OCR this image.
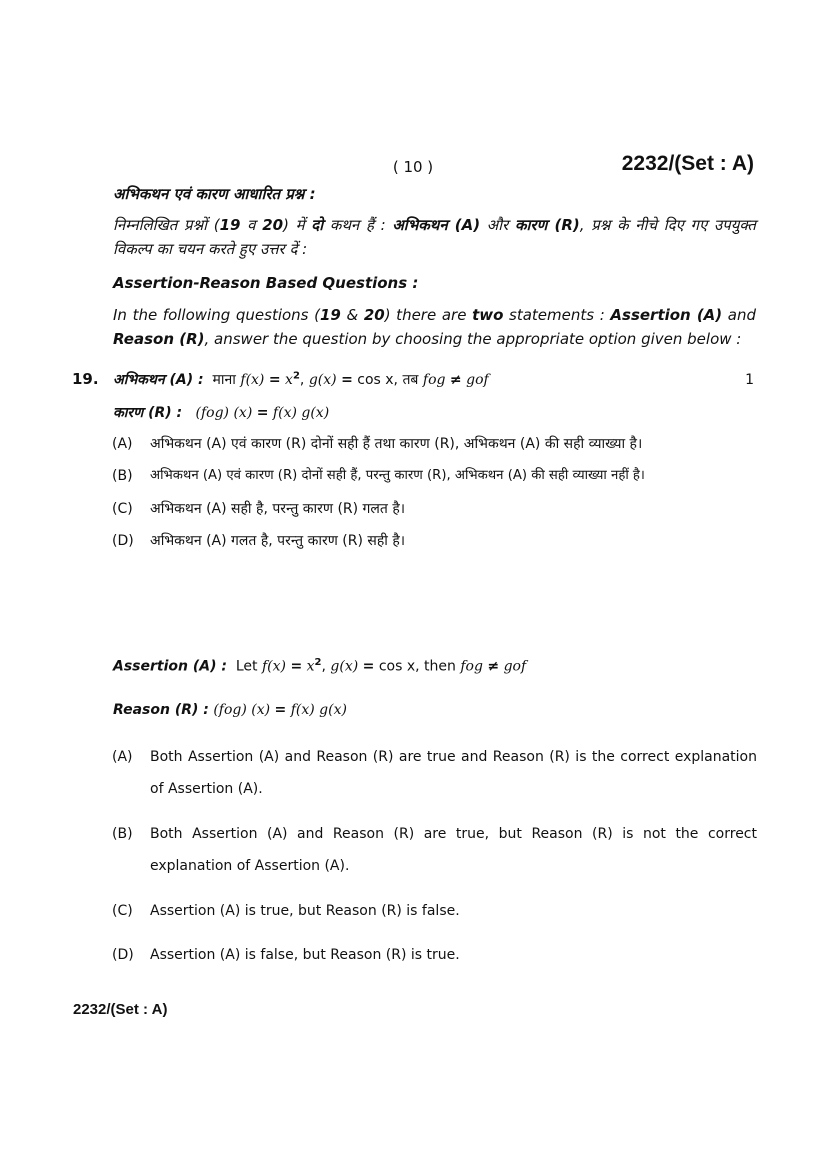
( 10 )	2232/(Set : A)
अभिकथन एवं कारण आधारित प्रश्न :
निम्नलिखित प्रश्नों (19 व 20) में दो कथन हैं : अभिकथन (A) और कारण (R), प्रश्न के नीचे दिए गए उपयुक्त विकल्प का चयन करते हुए उत्तर दें :
Assertion-Reason Based Questions :
In the following questions (19 & 20) there are two statements : Assertion (A) and Reason (R), answer the question by choosing the appropriate option given below :
19. अभिकथन (A) : माना $f(x) = x^2$, g(x) = cos x, तब fog ≠ gof	1
कारण (R) : (fog) (x) = f(x) g(x)
(A) अभिकथन (A) एवं कारण (R) दोनों सही हैं तथा कारण (R), अभिकथन (A) की सही व्याख्या है।
(B) अभिकथन (A) एवं कारण (R) दोनों सही हैं, परन्तु कारण (R), अभिकथन (A) की सही व्याख्या नहीं है।
(C) अभिकथन (A) सही है, परन्तु कारण (R) गलत है।
(D) अभिकथन (A) गलत है, परन्तु कारण (R) सही है।
Assertion (A) : Let $f(x) = x^2$, g(x) = cos x, then fog ≠ gof
Reason (R) : (fog) (x) = f(x) g(x)
(A) Both Assertion (A) and Reason (R) are true and Reason (R) is the correct explanation of Assertion (A).
(B) Both Assertion (A) and Reason (R) are true, but Reason (R) is not the correct explanation of Assertion (A).
(C) Assertion (A) is true, but Reason (R) is false.
(D) Assertion (A) is false, but Reason (R) is true.
2232/(Set : A)
